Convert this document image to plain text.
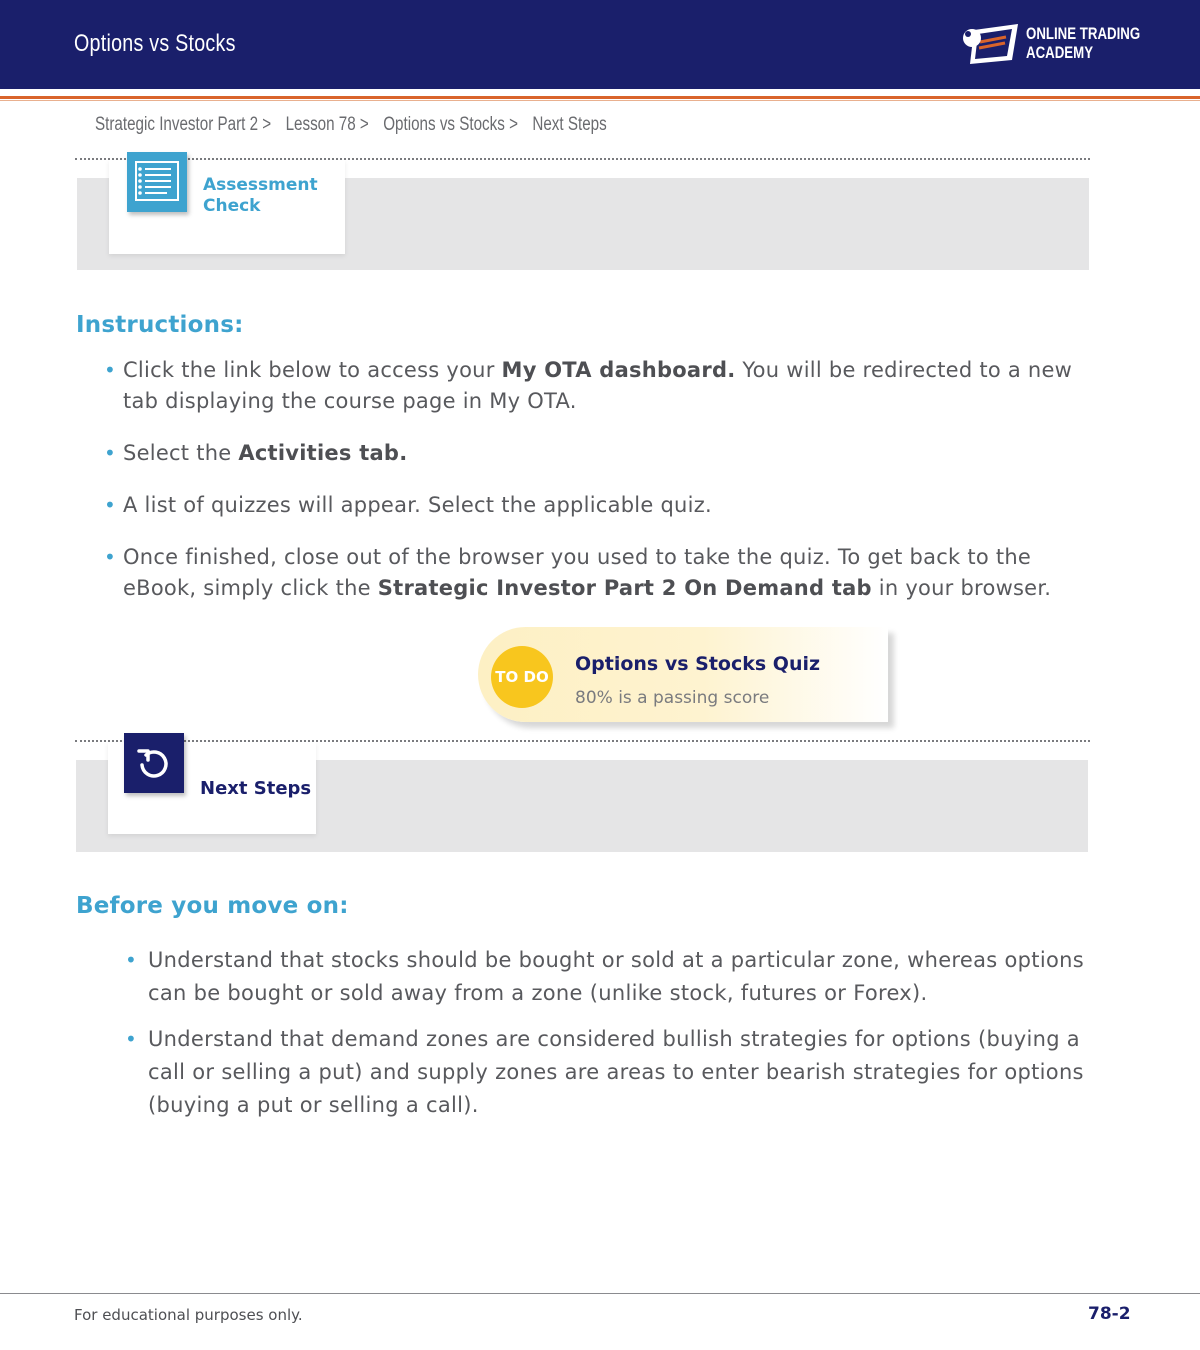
Options vs Stocks	ONLINE TRADING
ACADEMY
Strategic Investor Part 2 > Lesson 78 > Options vs Stocks > Next Steps
Assessment
Check
Instructions:
• Click the link below to access your My OTA dashboard. You will be redirected to a new tab displaying the course page in My OTA.
• Select the Activities tab.
• A list of quizzes will appear. Select the applicable quiz.
• Once finished, close out of the browser you used to take the quiz. To get back to the eBook, simply click the Strategic Investor Part 2 On Demand tab in your browser.
TO DO
Options vs Stocks Quiz
80% is a passing score
Next Steps
Before you move on:
• Understand that stocks should be bought or sold at a particular zone, whereas options can be bought or sold away from a zone (unlike stock, futures or Forex).
• Understand that demand zones are considered bullish strategies for options (buying a call or selling a put) and supply zones are areas to enter bearish strategies for options (buying a put or selling a call).
For educational purposes only.	78-2
